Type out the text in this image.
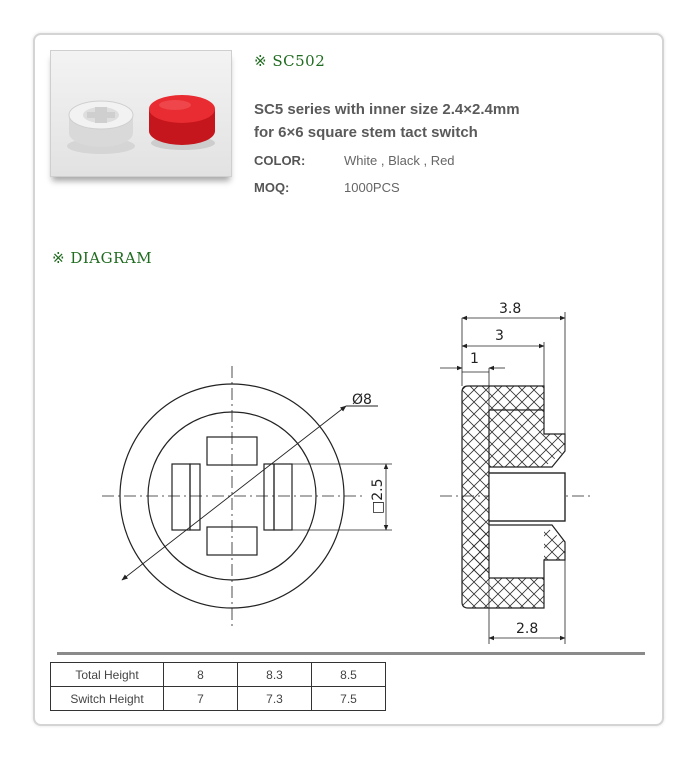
※ SC502
SC5 series with inner size 2.4×2.4mm
for 6×6 square stem tact switch
COLOR:	White , Black , Red
MOQ:	1000PCS
※ DIAGRAM
Ø8
□2.5
3.8
3
1
2.8
Total Height	8	8.3	8.5
Switch Height	7	7.3	7.5
